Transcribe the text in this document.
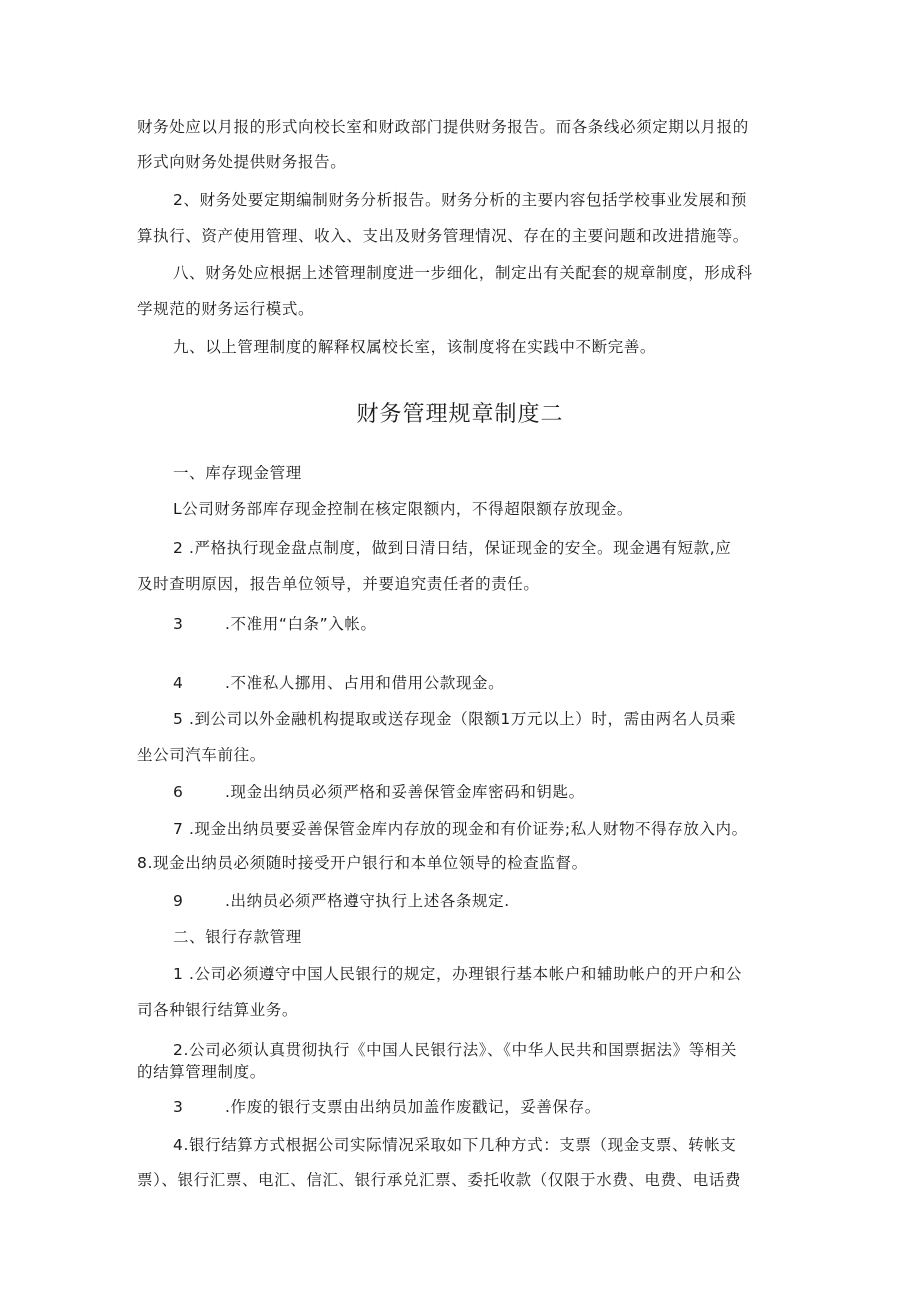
财务处应以月报的形式向校长室和财政部门提供财务报告。而各条线必须定期以月报的

形式向财务处提供财务报告。

2、财务处要定期编制财务分析报告。财务分析的主要内容包括学校事业发展和预

算执行、资产使用管理、收入、支出及财务管理情况、存在的主要问题和改进措施等。

八、财务处应根据上述管理制度进一步细化，制定出有关配套的规章制度，形成科

学规范的财务运行模式。

九、以上管理制度的解释权属校长室，该制度将在实践中不断完善。

财务管理规章制度二

一、库存现金管理

L公司财务部库存现金控制在核定限额内，不得超限额存放现金。

2 .严格执行现金盘点制度，做到日清日结，保证现金的安全。现金遇有短款,应

及时查明原因，报告单位领导，并要追究责任者的责任。

3	.不准用“白条”入帐。

4	.不准私人挪用、占用和借用公款现金。

5 .到公司以外金融机构提取或送存现金（限额1万元以上）时，需由两名人员乘

坐公司汽车前往。

6	.现金出纳员必须严格和妥善保管金库密码和钥匙。

7 .现金出纳员要妥善保管金库内存放的现金和有价证券;私人财物不得存放入内。

8.现金出纳员必须随时接受开户银行和本单位领导的检查监督。

9	.出纳员必须严格遵守执行上述各条规定.

二、银行存款管理

1 .公司必须遵守中国人民银行的规定，办理银行基本帐户和辅助帐户的开户和公

司各种银行结算业务。

2.公司必须认真贯彻执行《中国人民银行法》、《中华人民共和国票据法》等相关

的结算管理制度。

3	.作废的银行支票由出纳员加盖作废戳记，妥善保存。

4.银行结算方式根据公司实际情况采取如下几种方式：支票（现金支票、转帐支

票）、银行汇票、电汇、信汇、银行承兑汇票、委托收款（仅限于水费、电费、电话费
